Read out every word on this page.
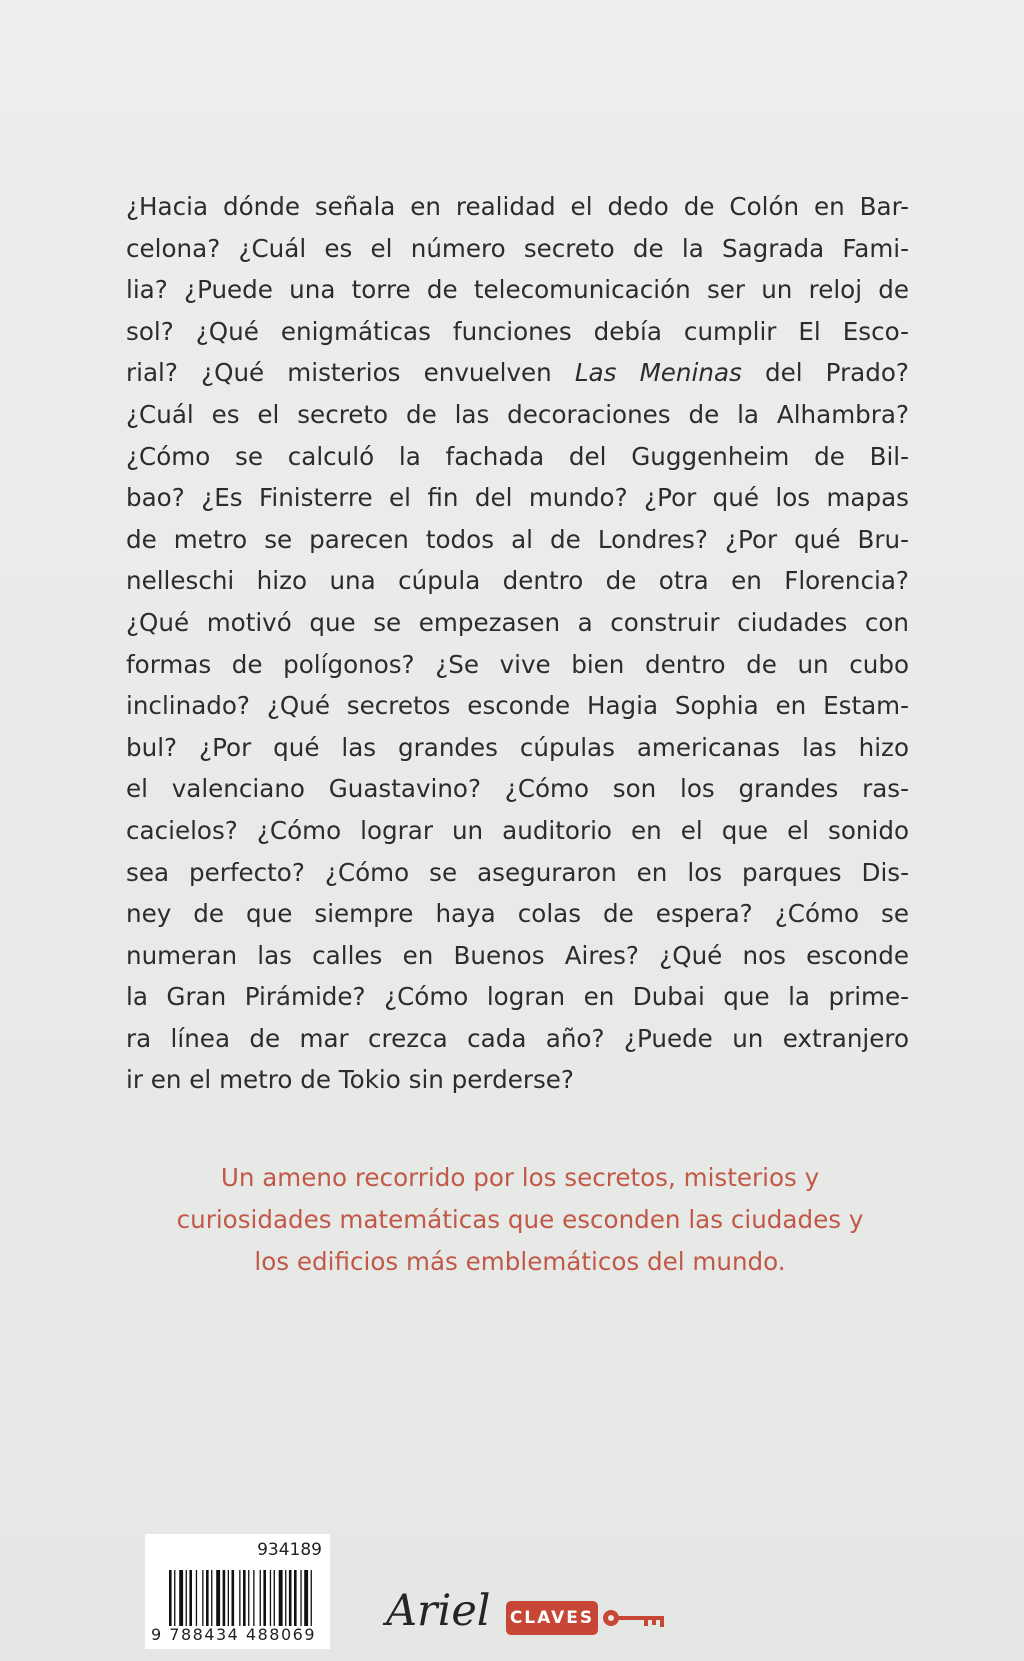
¿Hacia dónde señala en realidad el dedo de Colón en Bar-
celona? ¿Cuál es el número secreto de la Sagrada Fami-
lia? ¿Puede una torre de telecomunicación ser un reloj de
sol? ¿Qué enigmáticas funciones debía cumplir El Esco-
rial? ¿Qué misterios envuelven Las Meninas del Prado?
¿Cuál es el secreto de las decoraciones de la Alhambra?
¿Cómo se calculó la fachada del Guggenheim de Bil-
bao? ¿Es Finisterre el fin del mundo? ¿Por qué los mapas
de metro se parecen todos al de Londres? ¿Por qué Bru-
nelleschi hizo una cúpula dentro de otra en Florencia?
¿Qué motivó que se empezasen a construir ciudades con
formas de polígonos? ¿Se vive bien dentro de un cubo
inclinado? ¿Qué secretos esconde Hagia Sophia en Estam-
bul? ¿Por qué las grandes cúpulas americanas las hizo
el valenciano Guastavino? ¿Cómo son los grandes ras-
cacielos? ¿Cómo lograr un auditorio en el que el sonido
sea perfecto? ¿Cómo se aseguraron en los parques Dis-
ney de que siempre haya colas de espera? ¿Cómo se
numeran las calles en Buenos Aires? ¿Qué nos esconde
la Gran Pirámide? ¿Cómo logran en Dubai que la prime-
ra línea de mar crezca cada año? ¿Puede un extranjero
ir en el metro de Tokio sin perderse?
Un ameno recorrido por los secretos, misterios y
curiosidades matemáticas que esconden las ciudades y
los edificios más emblemáticos del mundo.
934189
9 788434 488069 Ariel CLAVES
